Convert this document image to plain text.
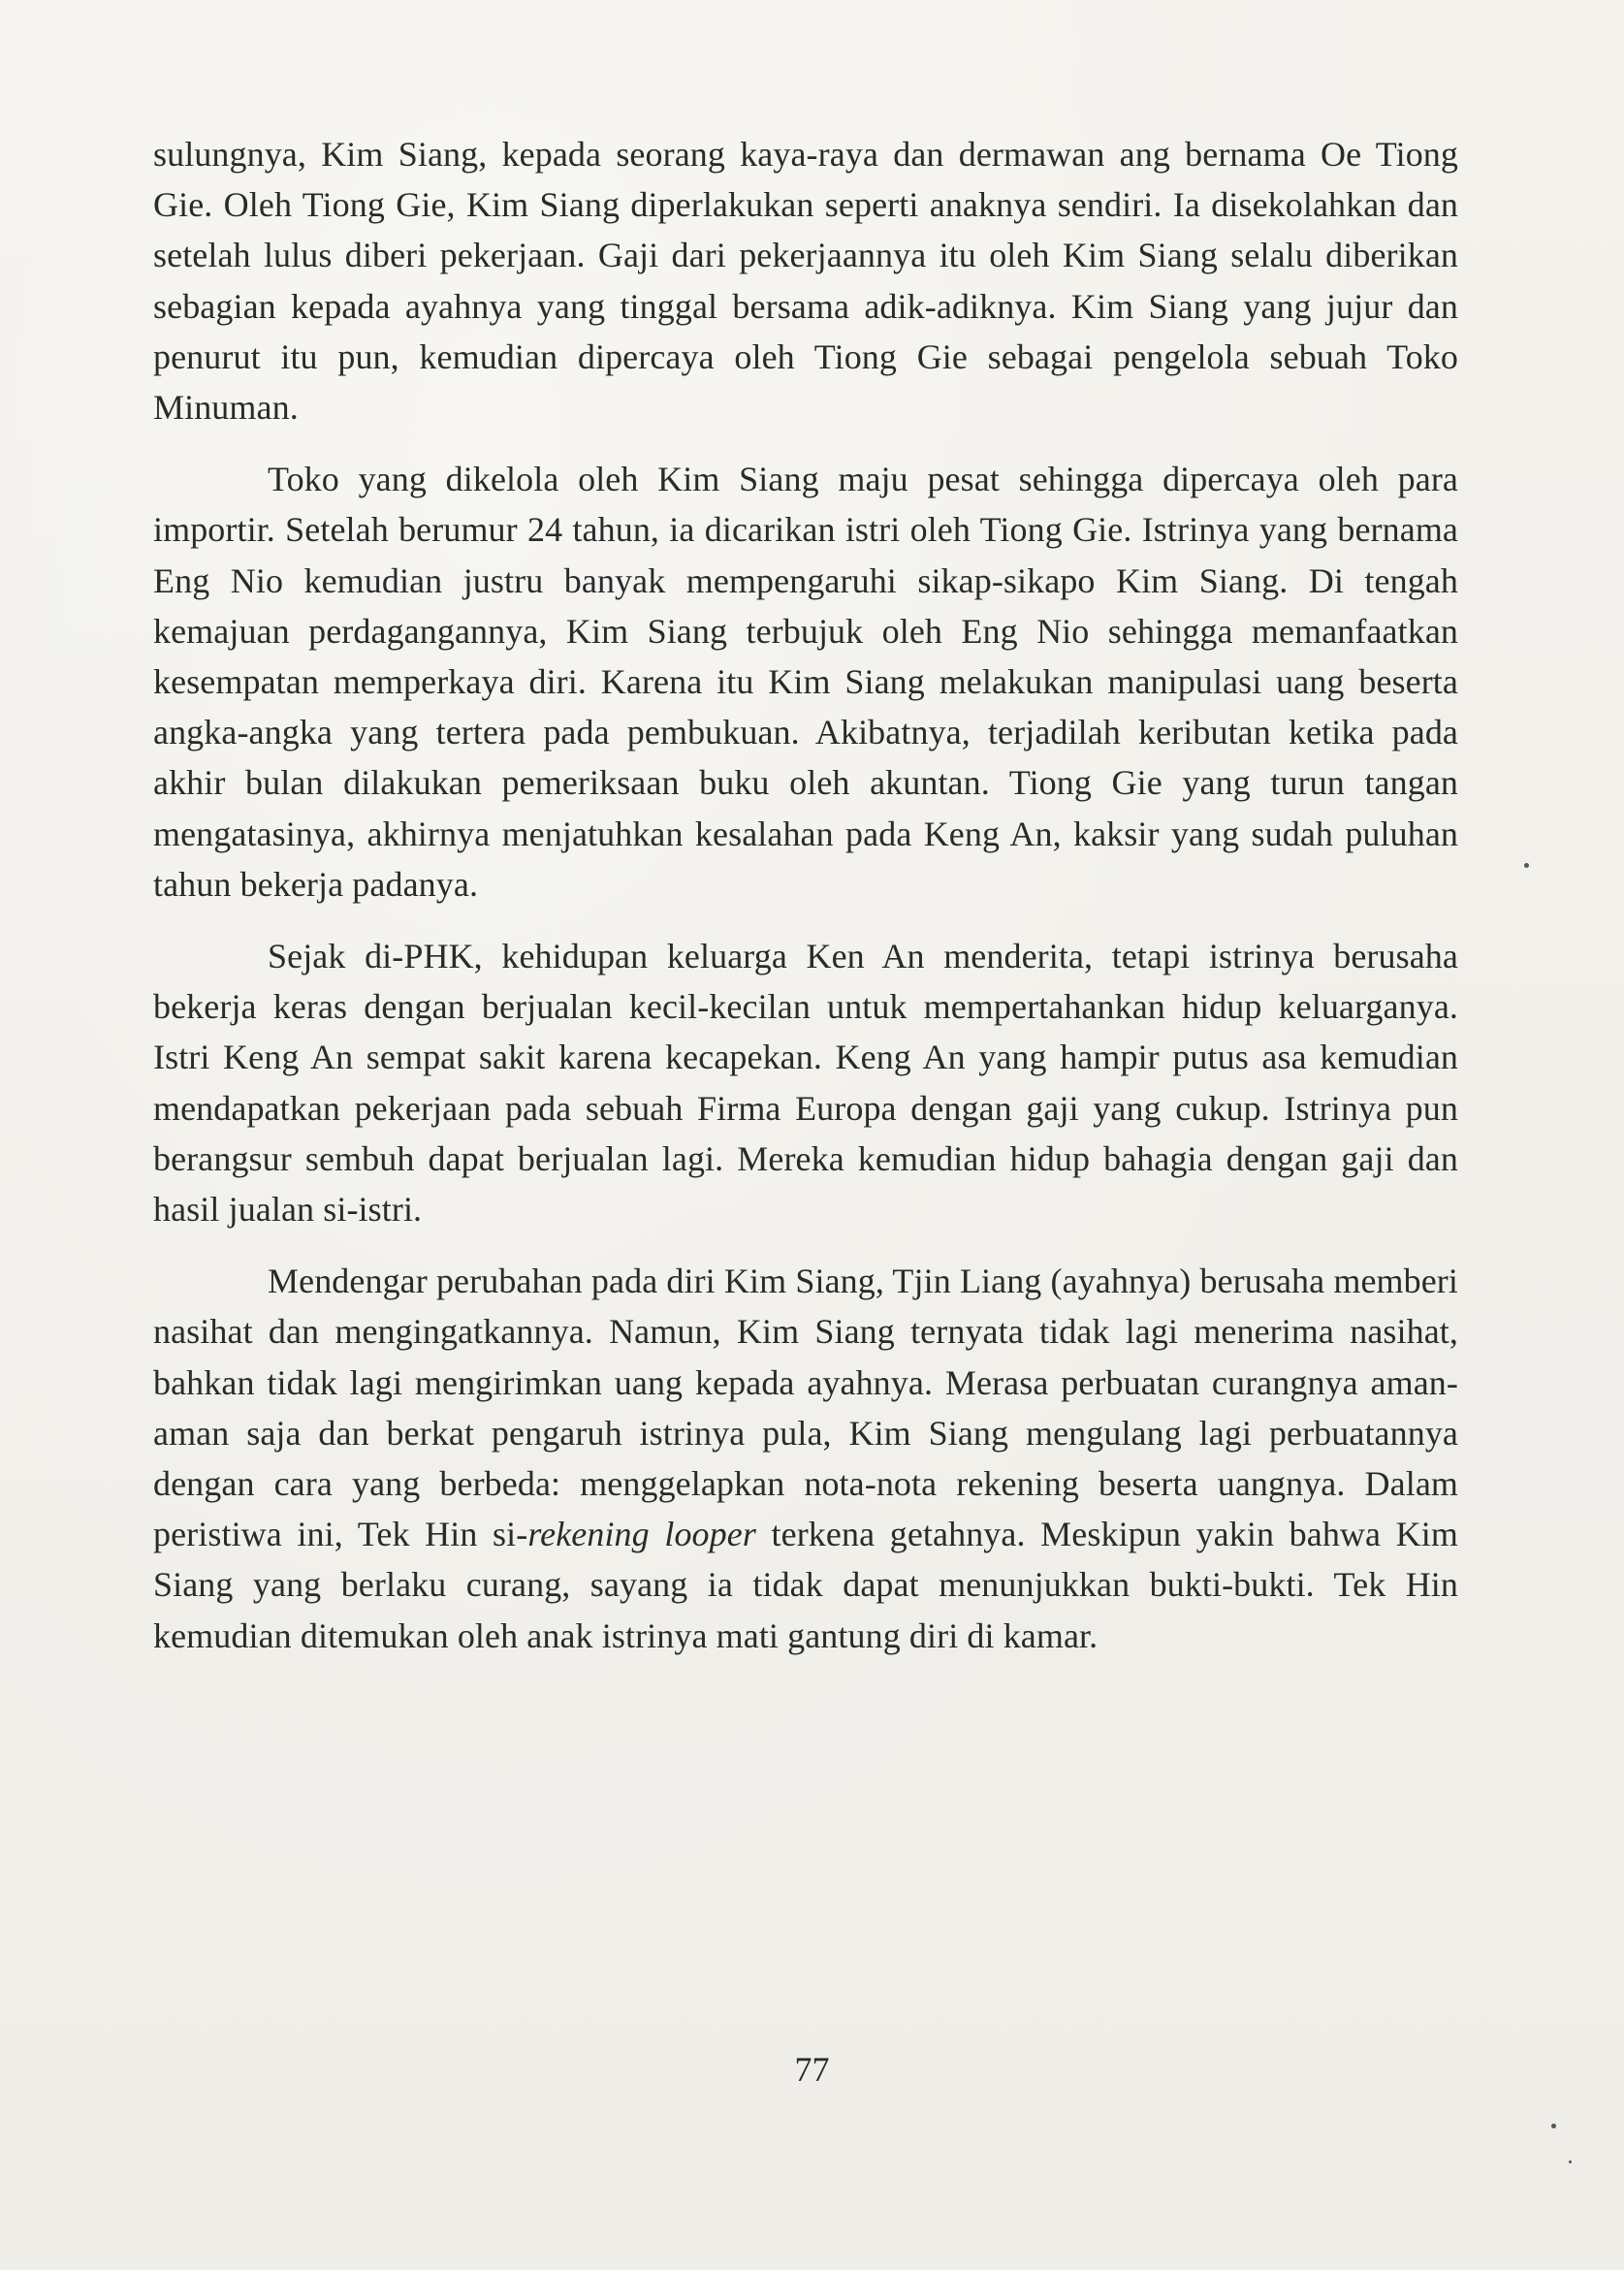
sulungnya, Kim Siang, kepada seorang kaya-raya dan dermawan ang bernama Oe Tiong Gie. Oleh Tiong Gie, Kim Siang diperlakukan seperti anaknya sendiri. Ia disekolahkan dan setelah lulus diberi pekerjaan. Gaji dari pekerjaannya itu oleh Kim Siang selalu diberikan sebagian kepada ayahnya yang tinggal bersama adik-adiknya. Kim Siang yang jujur dan penurut itu pun, kemudian dipercaya oleh Tiong Gie sebagai pengelola sebuah Toko Minuman.

Toko yang dikelola oleh Kim Siang maju pesat sehingga dipercaya oleh para importir. Setelah berumur 24 tahun, ia dicarikan istri oleh Tiong Gie. Istrinya yang bernama Eng Nio kemudian justru banyak mempengaruhi sikap-sikapo Kim Siang. Di tengah kemajuan perdagangannya, Kim Siang terbujuk oleh Eng Nio sehingga memanfaatkan kesempatan memperkaya diri. Karena itu Kim Siang melakukan manipulasi uang beserta angka-angka yang tertera pada pembukuan. Akibatnya, terjadilah keributan ketika pada akhir bulan dilakukan pemeriksaan buku oleh akuntan. Tiong Gie yang turun tangan mengatasinya, akhirnya menjatuhkan kesalahan pada Keng An, kaksir yang sudah puluhan tahun bekerja padanya.

Sejak di-PHK, kehidupan keluarga Ken An menderita, tetapi istrinya berusaha bekerja keras dengan berjualan kecil-kecilan untuk mempertahankan hidup keluarganya. Istri Keng An sempat sakit karena kecapekan. Keng An yang hampir putus asa kemudian mendapatkan pekerjaan pada sebuah Firma Europa dengan gaji yang cukup. Istrinya pun berangsur sembuh dapat berjualan lagi. Mereka kemudian hidup bahagia dengan gaji dan hasil jualan si-istri.

Mendengar perubahan pada diri Kim Siang, Tjin Liang (ayahnya) berusaha memberi nasihat dan mengingatkannya. Namun, Kim Siang ternyata tidak lagi menerima nasihat, bahkan tidak lagi mengirimkan uang kepada ayahnya. Merasa perbuatan curangnya aman-aman saja dan berkat pengaruh istrinya pula, Kim Siang mengulang lagi perbuatannya dengan cara yang berbeda: menggelapkan nota-nota rekening beserta uangnya. Dalam peristiwa ini, Tek Hin si-rekening looper terkena getahnya. Meskipun yakin bahwa Kim Siang yang berlaku curang, sayang ia tidak dapat menunjukkan bukti-bukti. Tek Hin kemudian ditemukan oleh anak istrinya mati gantung diri di kamar.

77
